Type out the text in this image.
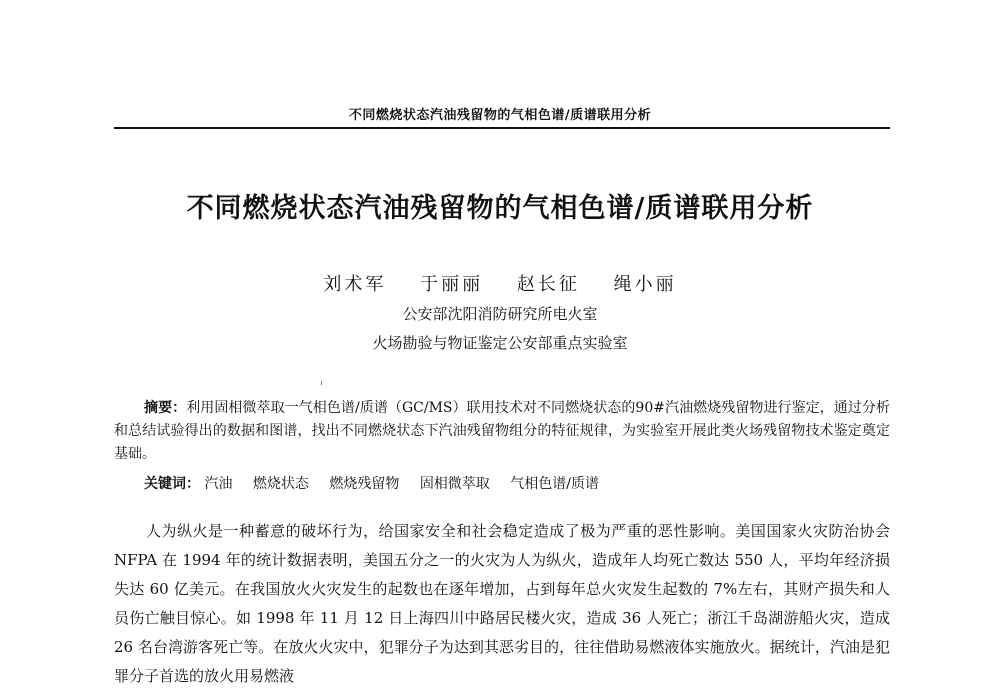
不同燃烧状态汽油残留物的气相色谱/质谱联用分析
不同燃烧状态汽油残留物的气相色谱/质谱联用分析
刘术军 于丽丽 赵长征 绳小丽
公安部沈阳消防研究所电火室
火场勘验与物证鉴定公安部重点实验室

摘要：利用固相微萃取一气相色谱/质谱（GC/MS）联用技术对不同燃烧状态的90#汽油燃烧残留物进行鉴定，通过分析和总结试验得出的数据和图谱，找出不同燃烧状态下汽油残留物组分的特征规律，为实验室开展此类火场残留物技术鉴定奠定基础。

关键词： 汽油 燃烧状态 燃烧残留物 固相微萃取 气相色谱/质谱

人为纵火是一种蓄意的破坏行为，给国家安全和社会稳定造成了极为严重的恶性影响。美国国家火灾防治协会 NFPA 在 1994 年的统计数据表明，美国五分之一的火灾为人为纵火，造成年人均死亡数达 550 人，平均年经济损失达 60 亿美元。在我国放火火灾发生的起数也在逐年增加，占到每年总火灾发生起数的 7%左右，其财产损失和人员伤亡触目惊心。如 1998 年 11 月 12 日上海四川中路居民楼火灾，造成 36 人死亡；浙江千岛湖游船火灾，造成 26 名台湾游客死亡等。在放火火灾中，犯罪分子为达到其恶劣目的，往往借助易燃液体实施放火。据统计，汽油是犯罪分子首选的放火用易燃液
